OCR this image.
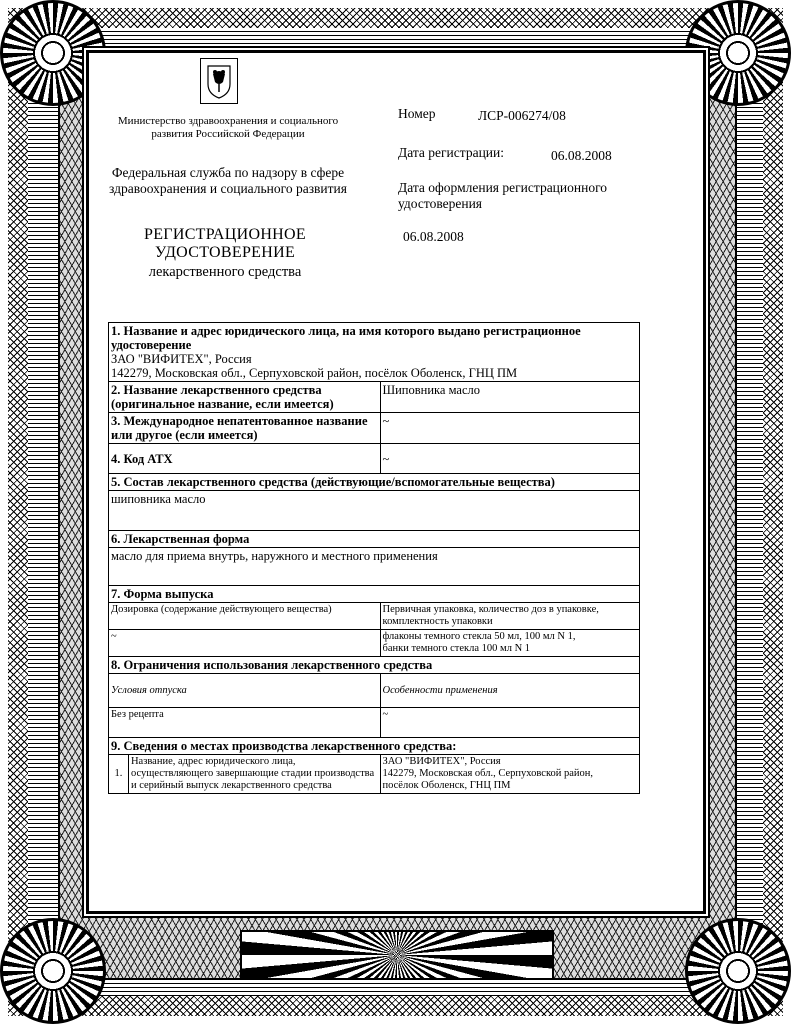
Министерство здравоохранения и социального развития Российской Федерации
Федеральная служба по надзору в сфере здравоохранения и социального развития
РЕГИСТРАЦИОННОЕ
УДОСТОВЕРЕНИЕ
лекарственного средства
Номер	ЛСР-006274/08
Дата регистрации:	06.08.2008
Дата оформления регистрационного удостоверения
06.08.2008
1. Название и адрес юридического лица, на имя которого выдано регистрационное удостоверение
ЗАО "ВИФИТЕХ", Россия
142279, Московская обл., Серпуховской район, посёлок Оболенск, ГНЦ ПМ		

2. Название лекарственного средства (оригинальное название, если имеется)		Шиповника масло
3. Международное непатентованное название или другое (если имеется)		~
4. Код АТХ		~
5. Состав лекарственного средства (действующие/вспомогательные вещества)		
шиповника масло		
6. Лекарственная форма		
масло для приема внутрь, наружного и местного применения		
7. Форма выпуска		
Дозировка (содержание действующего вещества)		Первичная упаковка, количество доз в упаковке, комплектность упаковки
~		флаконы темного стекла 50 мл, 100 мл N 1,
банки темного стекла 100 мл N 1

8. Ограничения использования лекарственного средства		
Условия отпуска		Особенности применения
Без рецепта		~
9. Сведения о местах производства лекарственного средства:		
1.	Название, адрес юридического лица, осуществляющего завершающие стадии производства и серийный выпуск лекарственного средства	ЗАО "ВИФИТЕХ", Россия
142279, Московская обл., Серпуховской район,
посёлок Оболенск, ГНЦ ПМ
